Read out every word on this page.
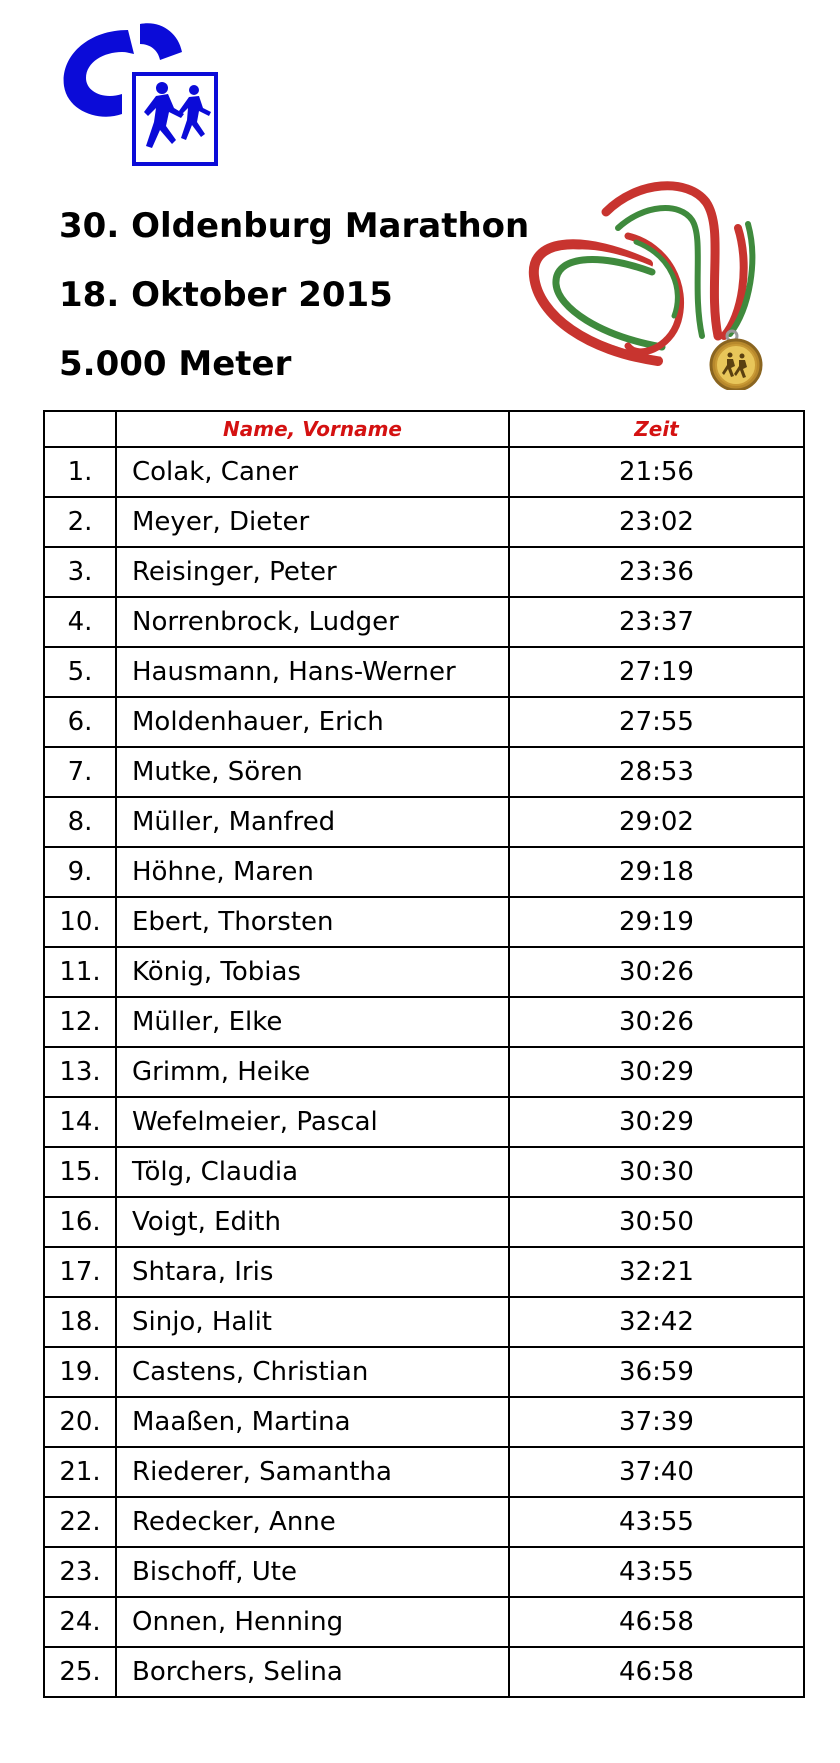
30. Oldenburg Marathon
18. Oktober 2015
5.000 Meter
	Name, Vorname	Zeit
1.	Colak, Caner	21:56
2.	Meyer, Dieter	23:02
3.	Reisinger, Peter	23:36
4.	Norrenbrock, Ludger	23:37
5.	Hausmann, Hans-Werner	27:19
6.	Moldenhauer, Erich	27:55
7.	Mutke, Sören	28:53
8.	Müller, Manfred	29:02
9.	Höhne, Maren	29:18
10.	Ebert, Thorsten	29:19
11.	König, Tobias	30:26
12.	Müller, Elke	30:26
13.	Grimm, Heike	30:29
14.	Wefelmeier, Pascal	30:29
15.	Tölg, Claudia	30:30
16.	Voigt, Edith	30:50
17.	Shtara, Iris	32:21
18.	Sinjo, Halit	32:42
19.	Castens, Christian	36:59
20.	Maaßen, Martina	37:39
21.	Riederer, Samantha	37:40
22.	Redecker, Anne	43:55
23.	Bischoff, Ute	43:55
24.	Onnen, Henning	46:58
25.	Borchers, Selina	46:58
